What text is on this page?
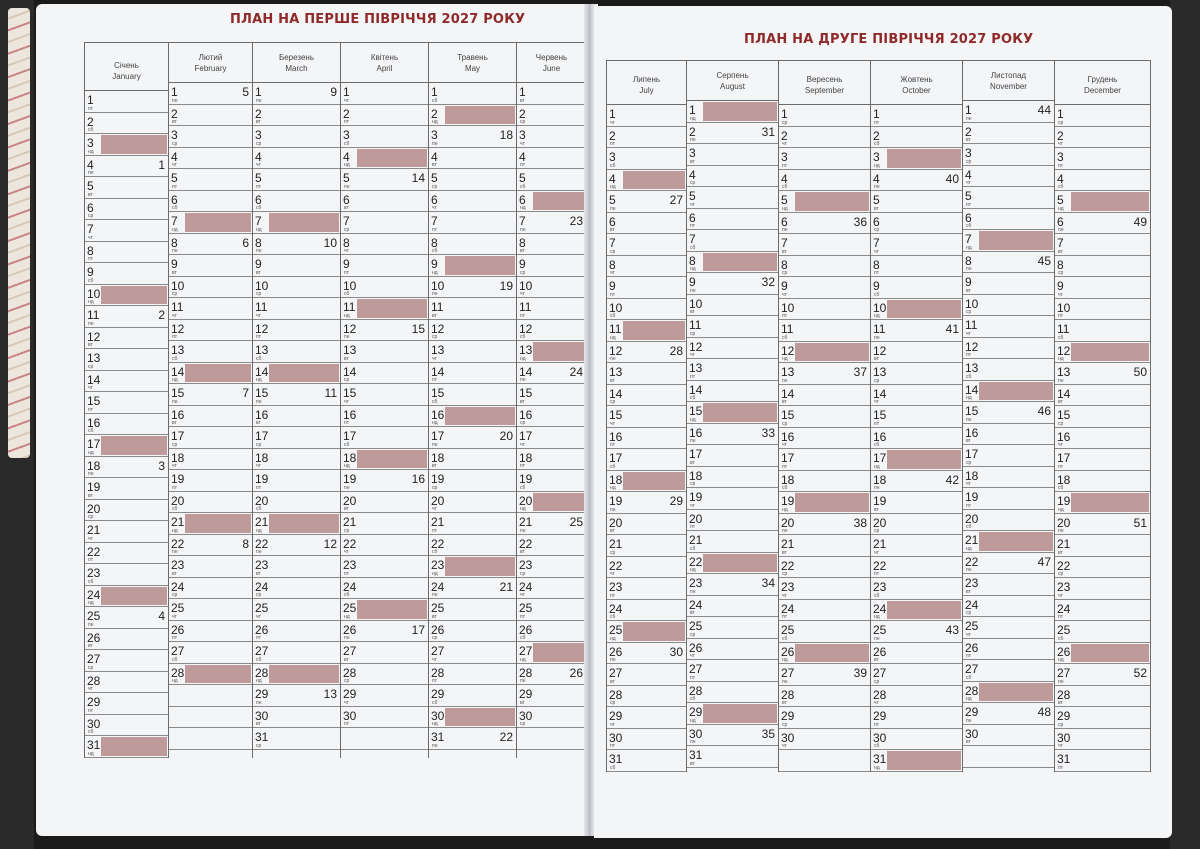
ПЛАН НА ПЕРШЕ ПІВРІЧЧЯ 2027 РОКУ
Січень
January
1
пт
2
сб
3
нд
4
пн
1
5
вт
6
ср
7
чт
8
пт
9
сб
10
нд
11
пн
2
12
вт
13
ср
14
чт
15
пт
16
сб
17
нд
18
пн
3
19
вт
20
ср
21
чт
22
пт
23
сб
24
нд
25
пн
4
26
вт
27
ср
28
чт
29
пт
30
сб
31
нд
Лютий
February
1
пн
5
2
вт
3
ср
4
чт
5
пт
6
сб
7
нд
8
пн
6
9
вт
10
ср
11
чт
12
пт
13
сб
14
нд
15
пн
7
16
вт
17
ср
18
чт
19
пт
20
сб
21
нд
22
пн
8
23
вт
24
ср
25
чт
26
пт
27
сб
28
нд
Березень
March
1
пн
9
2
вт
3
ср
4
чт
5
пт
6
сб
7
нд
8
пн
10
9
вт
10
ср
11
чт
12
пт
13
сб
14
нд
15
пн
11
16
вт
17
ср
18
чт
19
пт
20
сб
21
нд
22
пн
12
23
вт
24
ср
25
чт
26
пт
27
сб
28
нд
29
пн
13
30
вт
31
ср
Квітень
April
1
чт
2
пт
3
сб
4
нд
5
пн
14
6
вт
7
ср
8
чт
9
пт
10
сб
11
нд
12
пн
15
13
вт
14
ср
15
чт
16
пт
17
сб
18
нд
19
пн
16
20
вт
21
ср
22
чт
23
пт
24
сб
25
нд
26
пн
17
27
вт
28
ср
29
чт
30
пт
Травень
May
1
сб
2
нд
3
пн
18
4
вт
5
ср
6
чт
7
пт
8
сб
9
нд
10
пн
19
11
вт
12
ср
13
чт
14
пт
15
сб
16
нд
17
пн
20
18
вт
19
ср
20
чт
21
пт
22
сб
23
нд
24
пн
21
25
вт
26
ср
27
чт
28
пт
29
сб
30
нд
31
пн
22
Червень
June
1
вт
2
ср
3
чт
4
пт
5
сб
6
нд
7
пн
23
8
вт
9
ср
10
чт
11
пт
12
сб
13
нд
14
пн
24
15
вт
16
ср
17
чт
18
пт
19
сб
20
нд
21
пн
25
22
вт
23
ср
24
чт
25
пт
26
сб
27
нд
28
пн
26
29
вт
30
ср
ПЛАН НА ДРУГЕ ПІВРІЧЧЯ 2027 РОКУ
Липень
July
1
чт
2
пт
3
сб
4
нд
5
пн
27
6
вт
7
ср
8
чт
9
пт
10
сб
11
нд
12
пн
28
13
вт
14
ср
15
чт
16
пт
17
сб
18
нд
19
пн
29
20
вт
21
ср
22
чт
23
пт
24
сб
25
нд
26
пн
30
27
вт
28
ср
29
чт
30
пт
31
сб
Серпень
August
1
нд
2
пн
31
3
вт
4
ср
5
чт
6
пт
7
сб
8
нд
9
пн
32
10
вт
11
ср
12
чт
13
пт
14
сб
15
нд
16
пн
33
17
вт
18
ср
19
чт
20
пт
21
сб
22
нд
23
пн
34
24
вт
25
ср
26
чт
27
пт
28
сб
29
нд
30
пн
35
31
вт
Вересень
September
1
ср
2
чт
3
пт
4
сб
5
нд
6
пн
36
7
вт
8
ср
9
чт
10
пт
11
сб
12
нд
13
пн
37
14
вт
15
ср
16
чт
17
пт
18
сб
19
нд
20
пн
38
21
вт
22
ср
23
чт
24
пт
25
сб
26
нд
27
пн
39
28
вт
29
ср
30
чт
Жовтень
October
1
пт
2
сб
3
нд
4
пн
40
5
вт
6
ср
7
чт
8
пт
9
сб
10
нд
11
пн
41
12
вт
13
ср
14
чт
15
пт
16
сб
17
нд
18
пн
42
19
вт
20
ср
21
чт
22
пт
23
сб
24
нд
25
пн
43
26
вт
27
ср
28
чт
29
пт
30
сб
31
нд
Листопад
November
1
пн
44
2
вт
3
ср
4
чт
5
пт
6
сб
7
нд
8
пн
45
9
вт
10
ср
11
чт
12
пт
13
сб
14
нд
15
пн
46
16
вт
17
ср
18
чт
19
пт
20
сб
21
нд
22
пн
47
23
вт
24
ср
25
чт
26
пт
27
сб
28
нд
29
пн
48
30
вт
Грудень
December
1
ср
2
чт
3
пт
4
сб
5
нд
6
пн
49
7
вт
8
ср
9
чт
10
пт
11
сб
12
нд
13
пн
50
14
вт
15
ср
16
чт
17
пт
18
сб
19
нд
20
пн
51
21
вт
22
ср
23
чт
24
пт
25
сб
26
нд
27
пн
52
28
вт
29
ср
30
чт
31
пт
